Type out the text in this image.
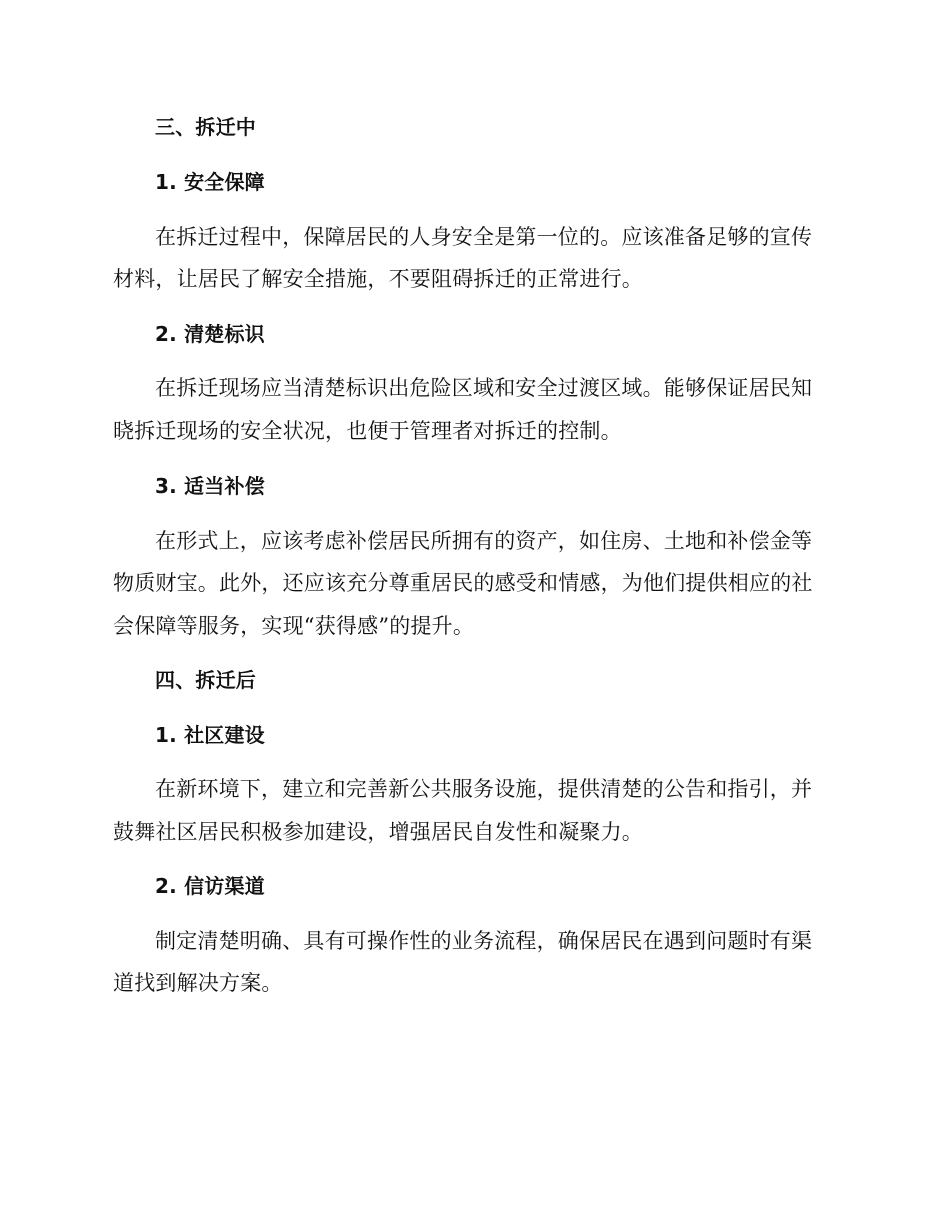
三、拆迁中
1. 安全保障
在拆迁过程中，保障居民的人身安全是第一位的。应该准备足够的宣传
材料，让居民了解安全措施，不要阻碍拆迁的正常进行。
2. 清楚标识
在拆迁现场应当清楚标识出危险区域和安全过渡区域。能够保证居民知
晓拆迁现场的安全状况，也便于管理者对拆迁的控制。
3. 适当补偿
在形式上，应该考虑补偿居民所拥有的资产，如住房、土地和补偿金等
物质财宝。此外，还应该充分尊重居民的感受和情感，为他们提供相应的社
会保障等服务，实现“获得感”的提升。
四、拆迁后
1. 社区建设
在新环境下，建立和完善新公共服务设施，提供清楚的公告和指引，并
鼓舞社区居民积极参加建设，增强居民自发性和凝聚力。
2. 信访渠道
制定清楚明确、具有可操作性的业务流程，确保居民在遇到问题时有渠
道找到解决方案。
